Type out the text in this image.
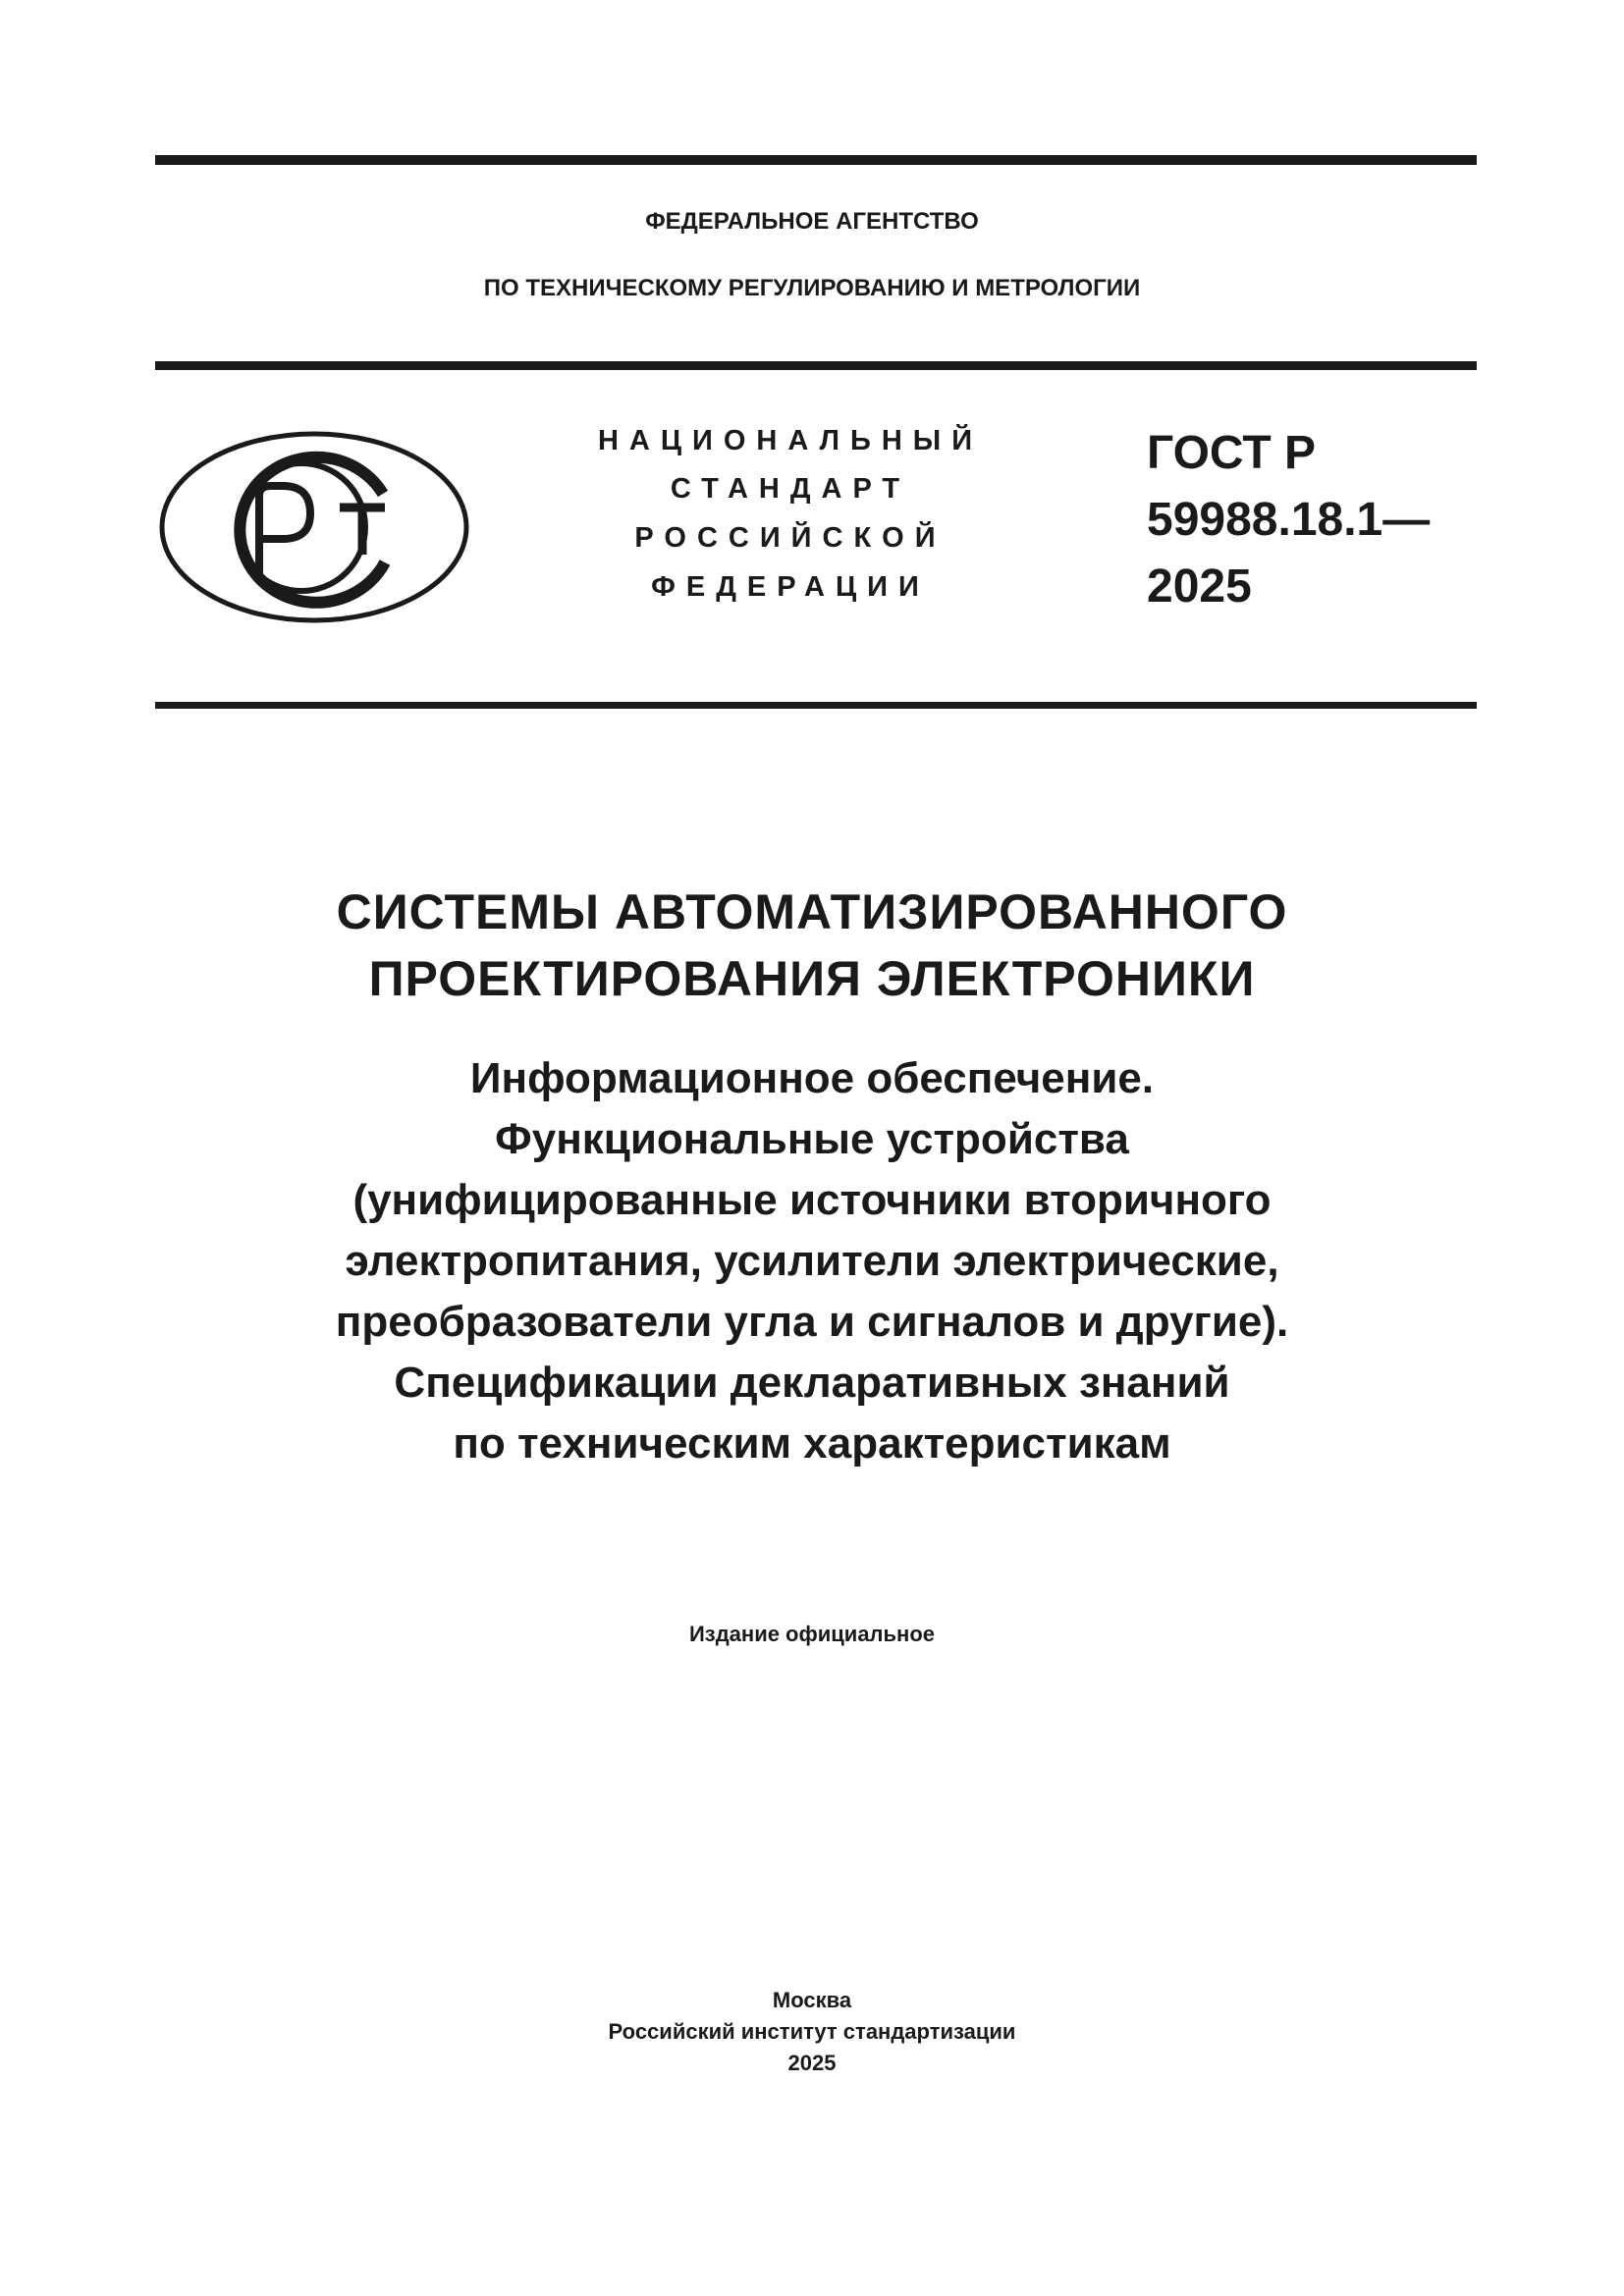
ФЕДЕРАЛЬНОЕ АГЕНТСТВО
ПО ТЕХНИЧЕСКОМУ РЕГУЛИРОВАНИЮ И МЕТРОЛОГИИ
НАЦИОНАЛЬНЫЙ
СТАНДАРТ
РОССИЙСКОЙ
ФЕДЕРАЦИИ
ГОСТ Р
59988.18.1—
2025
СИСТЕМЫ АВТОМАТИЗИРОВАННОГО
ПРОЕКТИРОВАНИЯ ЭЛЕКТРОНИКИ
Информационное обеспечение.
Функциональные устройства
(унифицированные источники вторичного
электропитания, усилители электрические,
преобразователи угла и сигналов и другие).
Спецификации декларативных знаний
по техническим характеристикам
Издание официальное
Москва
Российский институт стандартизации
2025
